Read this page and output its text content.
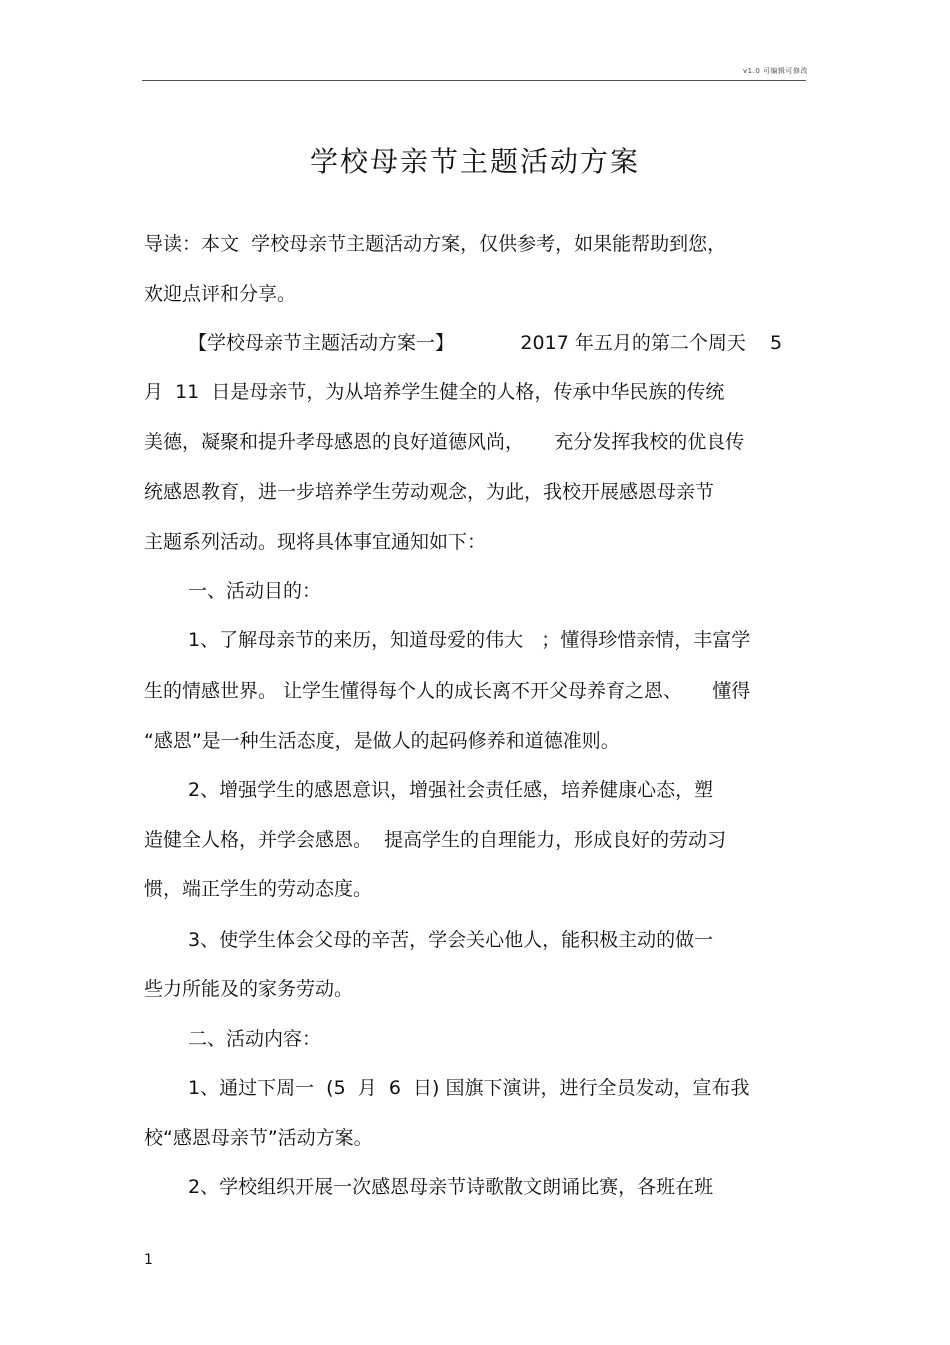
v1.0 可编辑可修改
学校母亲节主题活动方案
导读：本文  学校母亲节主题活动方案，仅供参考，如果能帮助到您，
欢迎点评和分享。
【学校母亲节主题活动方案一】           2017 年五月的第二个周天    5
月  11  日是母亲节，为从培养学生健全的人格，传承中华民族的传统
美德，凝聚和提升孝母感恩的良好道德风尚，     充分发挥我校的优良传
统感恩教育，进一步培养学生劳动观念，为此，我校开展感恩母亲节
主题系列活动。现将具体事宜通知如下：
一、活动目的：
1、了解母亲节的来历，知道母爱的伟大   ；懂得珍惜亲情，丰富学
生的情感世界。 让学生懂得每个人的成长离不开父母养育之恩、     懂得
“感恩”是一种生活态度，是做人的起码修养和道德准则。
2、增强学生的感恩意识，增强社会责任感，培养健康心态，塑
造健全人格，并学会感恩。  提高学生的自理能力，形成良好的劳动习
惯，端正学生的劳动态度。
3、使学生体会父母的辛苦，学会关心他人，能积极主动的做一
些力所能及的家务劳动。
二、活动内容：
1、通过下周一  (5  月  6  日) 国旗下演讲，进行全员发动，宣布我
校“感恩母亲节”活动方案。
2、学校组织开展一次感恩母亲节诗歌散文朗诵比赛，各班在班
1
